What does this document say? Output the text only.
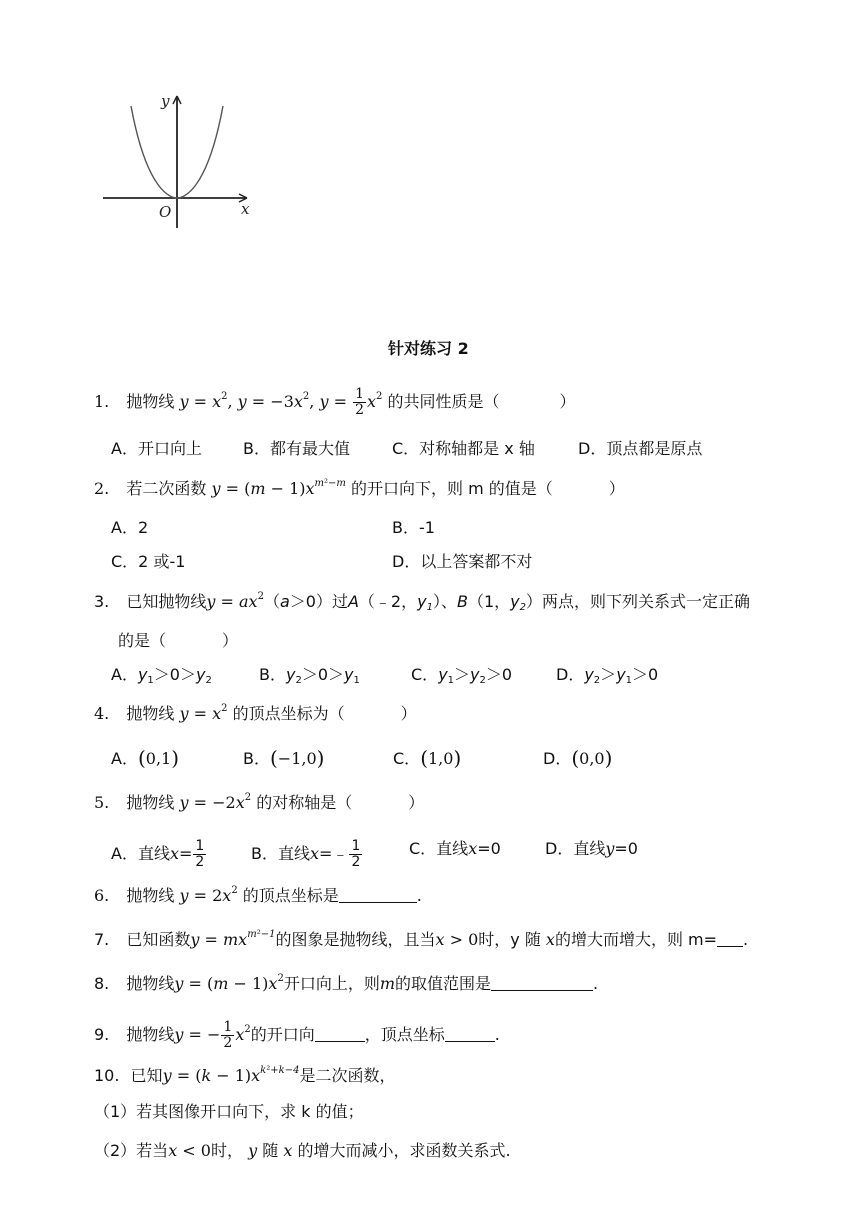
y
x
O
针对练习 2
1. 抛物线 $y = x^2$, $y = -3x^2$, $y = \frac{1}{2} x^2$ 的共同性质是（	）
A．开口向上	B．都有最大值	C．对称轴都是 x 轴	D．顶点都是原点
2. 若二次函数 $y = (m - 1)x^{m^2-m}$ 的开口向下，则 m 的值是（	）
A．2	B．-1
C．2 或-1	D．以上答案都不对
3. 已知抛物线$y = ax^2(a>0)$过A（﹣2，$y_1$）、B（1，$y_2$）两点，则下列关系式一定正确
的是（	）
A．$y_1>0>y_2$	B．$y_2>0>y_1$	C．$y_1>y_2>0$	D．$y_2>y_1>0$
4. 抛物线 $y = x^2$ 的顶点坐标为（	）
A．(0,1)	B．(−1,0)	C．(1,0)	D．(0,0)
5. 抛物线 $y = -2x^2$ 的对称轴是（	）
A．直线$x= \frac{1}{2}$	B．直线x=﹣ $\frac{1}{2}$	C．直线x=0	D．直线y=0
6. 抛物线 $y = 2x^2$ 的顶点坐标是	.
7. 已知函数$y = mx^{m^2-1}$的图象是抛物线，且当x > 0时，y 随 x的增大而增大，则 m= .
8. 抛物线$y = (m - 1)x^2$开口向上，则m的取值范围是	.
9. 抛物线y = − $\frac{1}{2} x^2$的开口向	，顶点坐标	.
10. 已知$y = (k - 1)x^{k^2+k-4}$是二次函数，
（1）若其图像开口向下，求 k 的值；
（2）若当x < 0时， y 随 x 的增大而减小，求函数关系式.
